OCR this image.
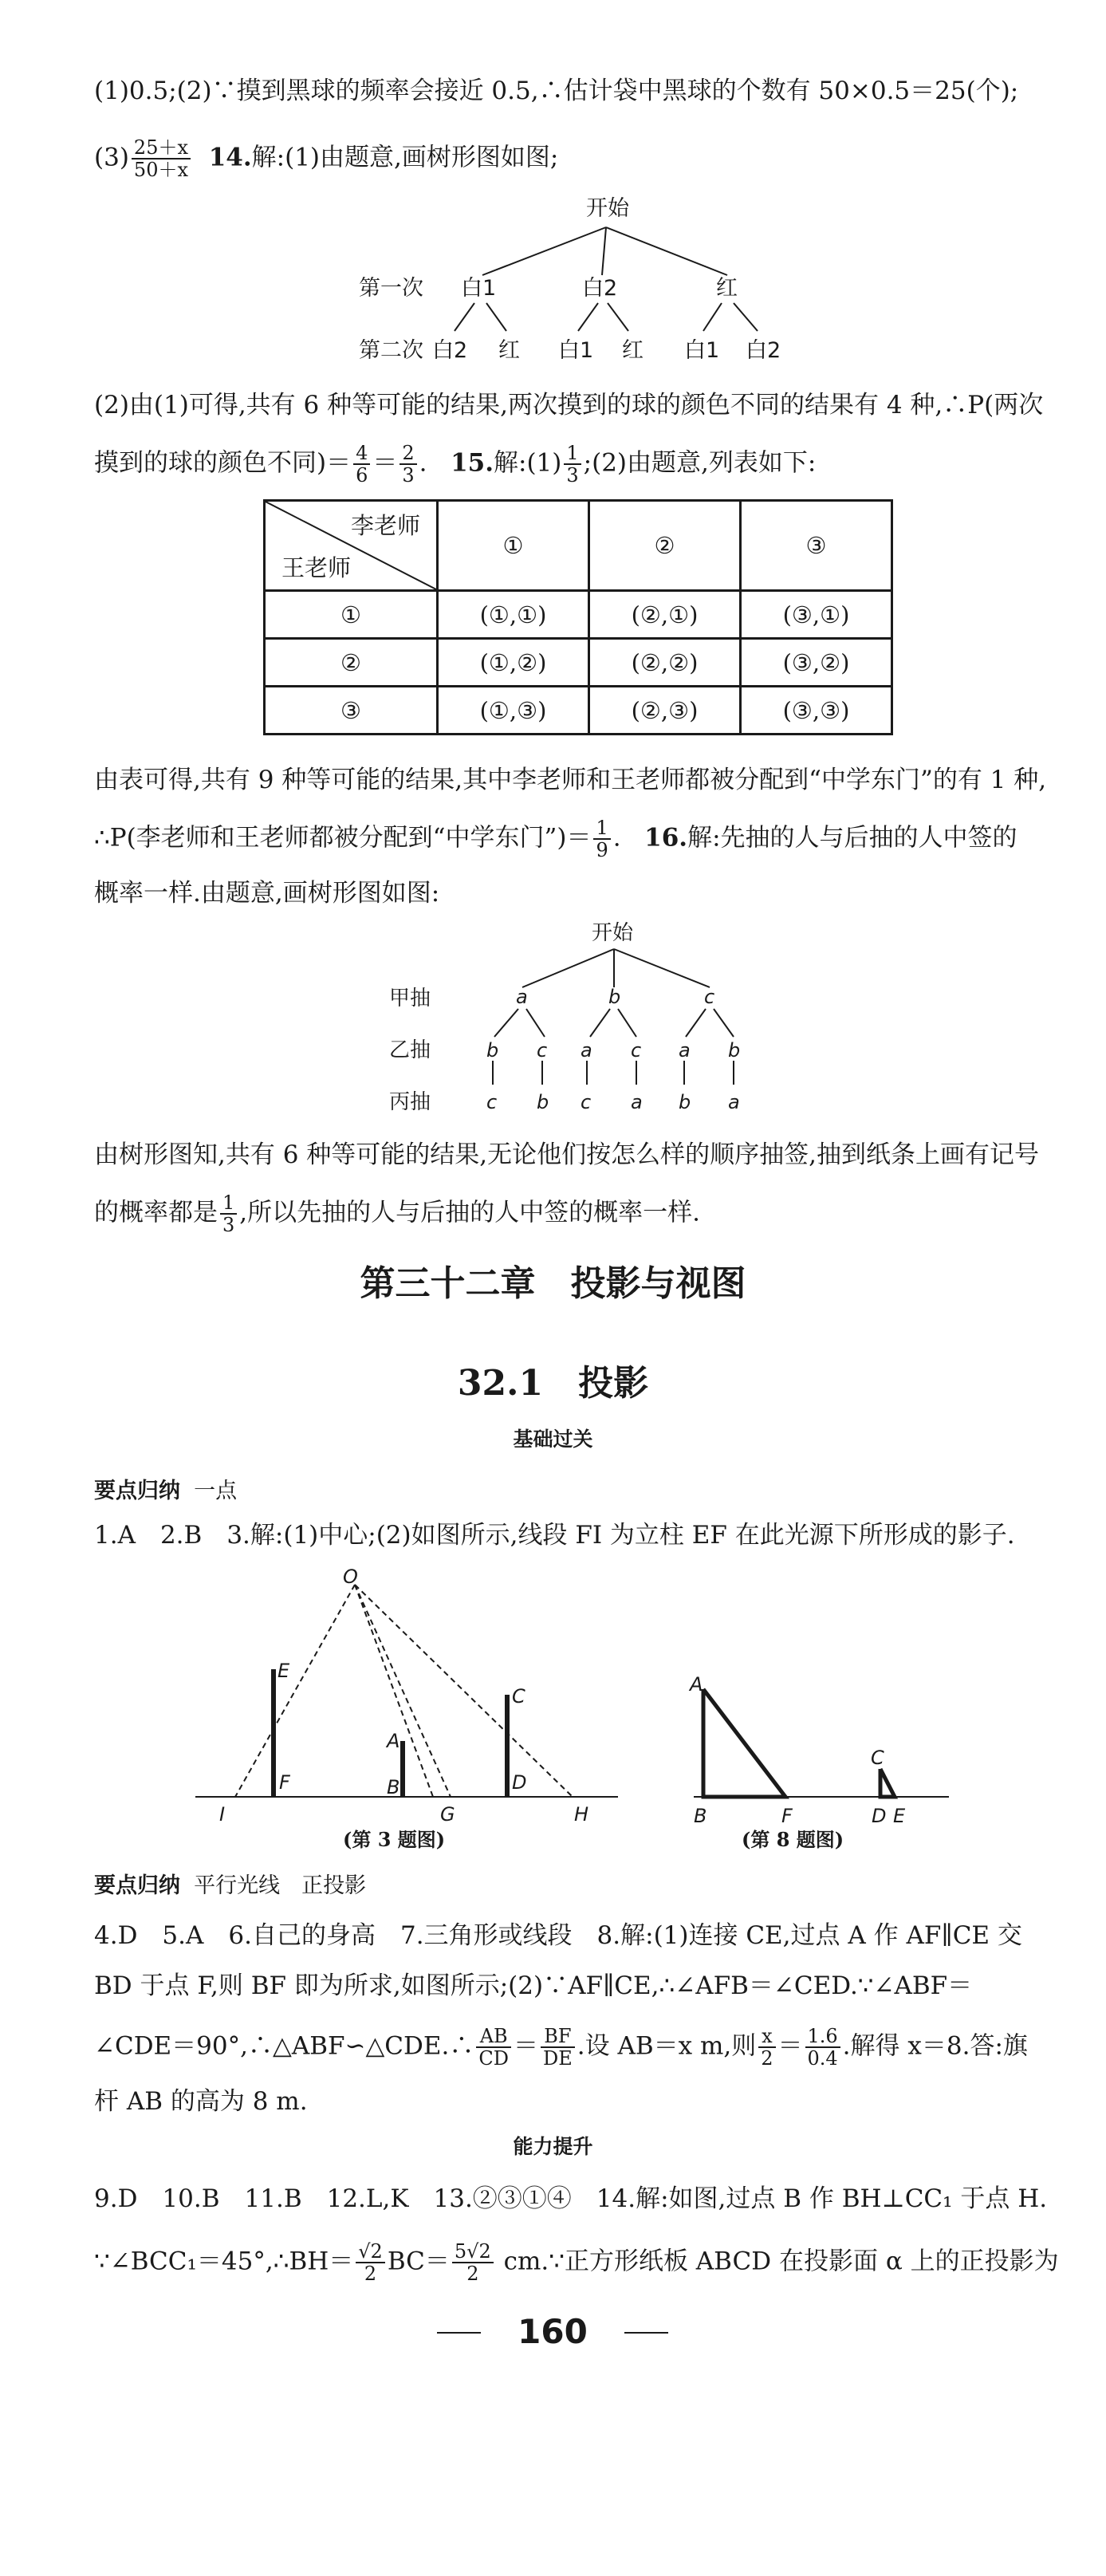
(1)0.5;(2)∵摸到黑球的频率会接近 0.5,∴估计袋中黑球的个数有 50×0.5＝25(个);
$(3) \frac{25+x}{50+x} 14$.解:(1)由题意,画树形图如图;
开始
第一次
第二次
白1	白2	红
白2 红 白1 红 白1 白2
(2)由(1)可得,共有 6 种等可能的结果,两次摸到的球的颜色不同的结果有 4 种,∴P(两次
摸到的球的颜色不同)＝ $\frac{4}{6} = \frac{2}{3}$ . 15.解:(1) $\frac{1}{3}$ ;(2)由题意,列表如下:
李老师
王老师	①	②	③
①	(①,①)	(②,①)	(③,①)
②	(①,②)	(②,②)	(③,②)
③	(①,③)	(②,③)	(③,③)
由表可得,共有 9 种等可能的结果,其中李老师和王老师都被分配到“中学东门”的有 1 种,
∴P(李老师和王老师都被分配到“中学东门”)＝ $\frac{1}{9}$ . 16.解:先抽的人与后抽的人中签的
概率一样.由题意,画树形图如图:
开始
甲抽
乙抽
丙抽
a	b	c
b c a c a b
c b c a b a
由树形图知,共有 6 种等可能的结果,无论他们按怎么样的顺序抽签,抽到纸条上画有记号
的概率都是 $\frac{1}{3}$ ,所以先抽的人与后抽的人中签的概率一样.
第三十二章　投影与视图
32.1　投影
基础过关
要点归纳 一点
1.A　2.B　3.解:(1)中心;(2)如图所示,线段 FI 为立柱 EF 在此光源下所形成的影子.
O
E
F
I
A
B
G
C
D
H
(第 3 题图)
A
B	F
C
D E
(第 8 题图)
要点归纳 平行光线　正投影
4.D　5.A　6.自己的身高　7.三角形或线段　8.解:(1)连接 CE,过点 A 作 AF∥CE 交
BD 于点 F,则 BF 即为所求,如图所示;(2)∵AF∥CE,∴∠AFB＝∠CED.∵∠ABF＝
∠CDE＝90°,∴△ABF∽△CDE.∴ $\frac{AB}{CD} = \frac{BF}{DE}$ .设 AB＝x m,则 $\frac{x}{2} = \frac{1.6}{0.4}$ .解得 x＝8.答:旗
杆 AB 的高为 8 m.
能力提升
9.D　10.B　11.B　12.L,K　13.②③①④　14.解:如图,过点 B 作 BH⊥CC₁ 于点 H.
∵∠BCC₁＝45°,∴BH＝ $\frac{√2}{2} BC= \frac{5√2}{2}$ cm.∵正方形纸板 ABCD 在投影面 α 上的正投影为
160
